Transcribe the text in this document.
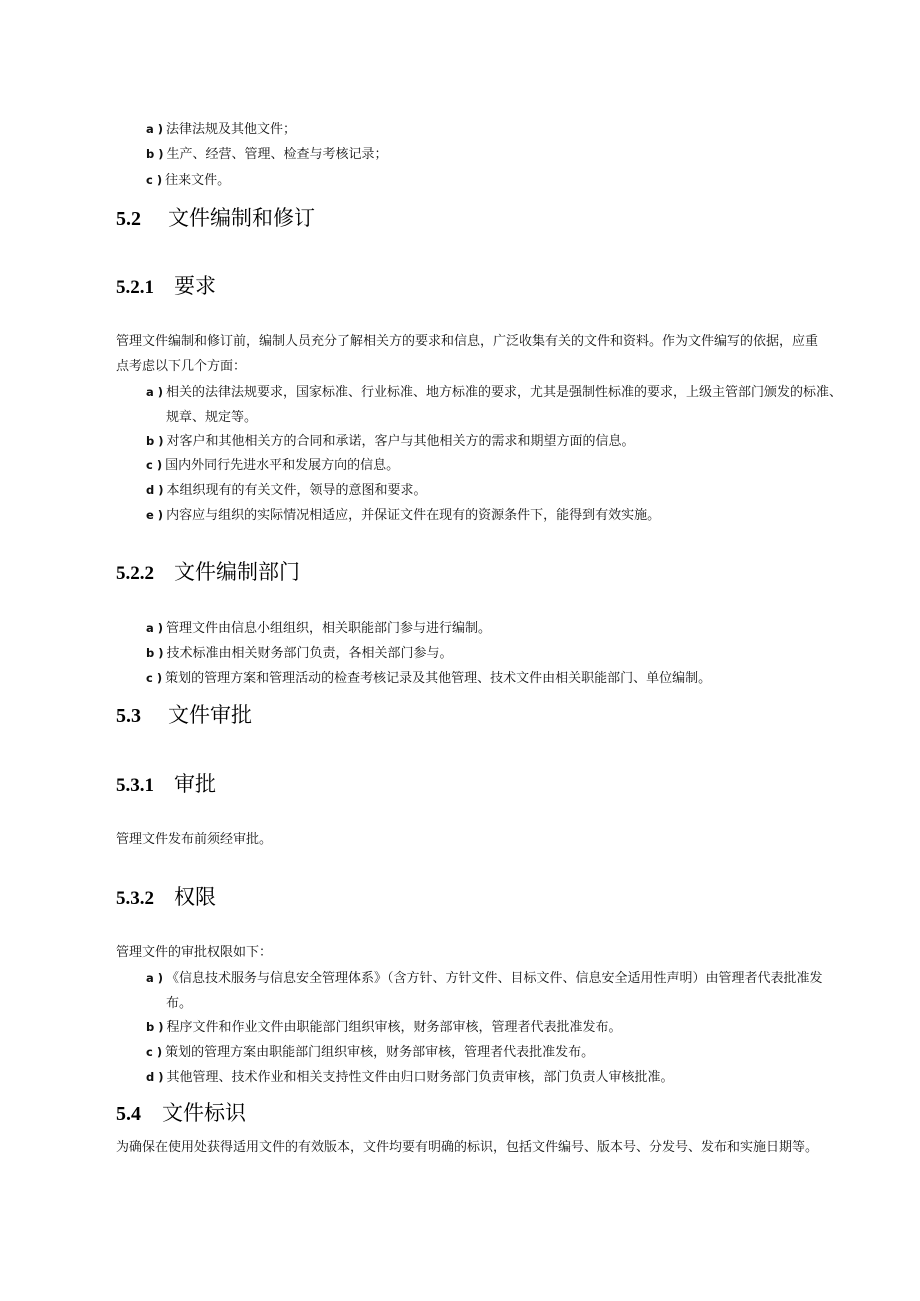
a ) 法律法规及其他文件；
b ) 生产、经营、管理、检查与考核记录；
c ) 往来文件。
5.2 文件编制和修订
5.2.1 要求
管理文件编制和修订前，编制人员充分了解相关方的要求和信息，广泛收集有关的文件和资料。作为文件编写的依据，应重点考虑以下几个方面：
a ) 相关的法律法规要求，国家标准、行业标准、地方标准的要求，尤其是强制性标准的要求，上级主管部门颁发的标准、规章、规定等。
b ) 对客户和其他相关方的合同和承诺，客户与其他相关方的需求和期望方面的信息。
c ) 国内外同行先进水平和发展方向的信息。
d ) 本组织现有的有关文件，领导的意图和要求。
e ) 内容应与组织的实际情况相适应，并保证文件在现有的资源条件下，能得到有效实施。
5.2.2 文件编制部门
a ) 管理文件由信息小组组织，相关职能部门参与进行编制。
b ) 技术标准由相关财务部门负责，各相关部门参与。
c ) 策划的管理方案和管理活动的检查考核记录及其他管理、技术文件由相关职能部门、单位编制。
5.3 文件审批
5.3.1 审批
管理文件发布前须经审批。
5.3.2 权限
管理文件的审批权限如下：
a ) 《信息技术服务与信息安全管理体系》（含方针、方针文件、目标文件、信息安全适用性声明）由管理者代表批准发布。
b ) 程序文件和作业文件由职能部门组织审核，财务部审核，管理者代表批准发布。
c ) 策划的管理方案由职能部门组织审核，财务部审核，管理者代表批准发布。
d ) 其他管理、技术作业和相关支持性文件由归口财务部门负责审核，部门负责人审核批准。
5.4 文件标识
为确保在使用处获得适用文件的有效版本，文件均要有明确的标识，包括文件编号、版本号、分发号、发布和实施日期等。
